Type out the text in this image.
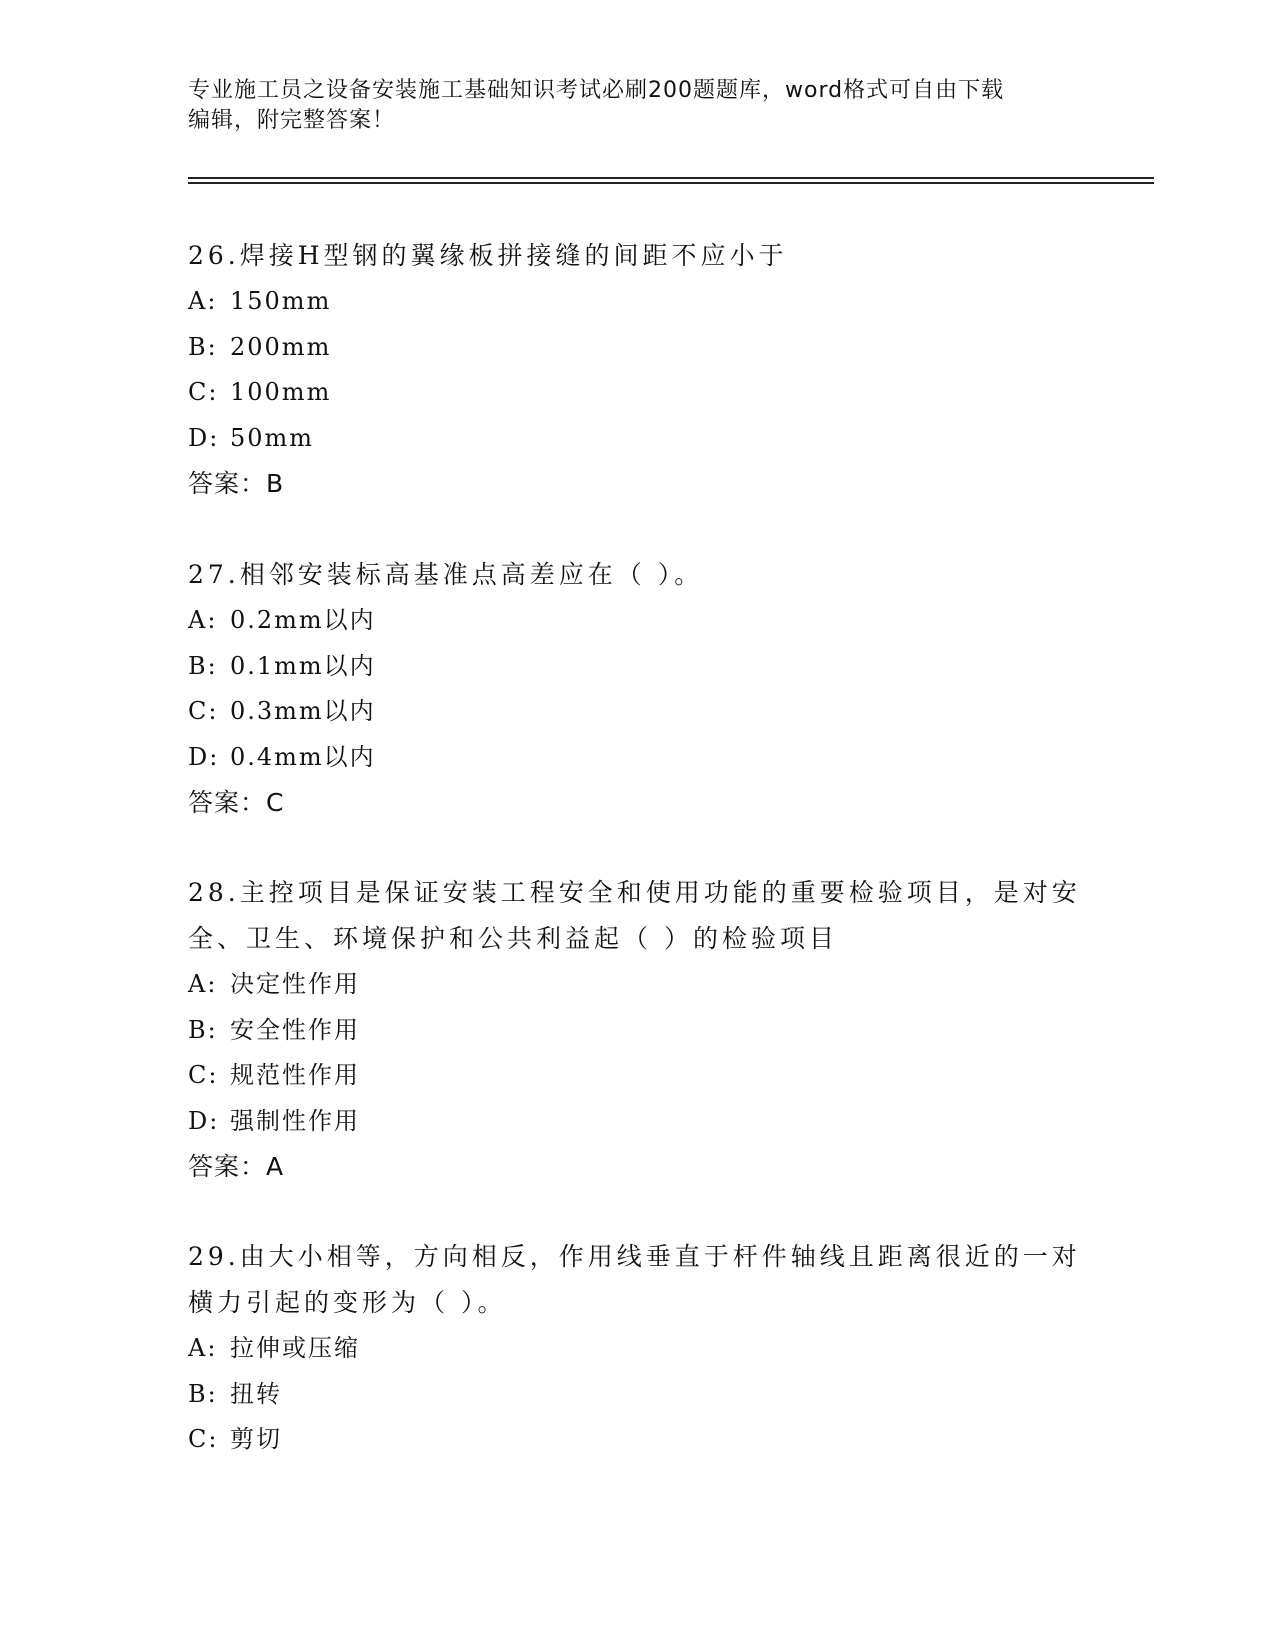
专业施工员之设备安装施工基础知识考试必刷200题题库，word格式可自由下载
编辑，附完整答案！
26.焊接H型钢的翼缘板拼接缝的间距不应小于
A: 150mm
B: 200mm
C: 100mm
D: 50mm
答案：B
27.相邻安装标高基准点高差应在（ ）。
A: 0.2mm以内
B: 0.1mm以内
C: 0.3mm以内
D: 0.4mm以内
答案：C
28.主控项目是保证安装工程安全和使用功能的重要检验项目，是对安
全、卫生、环境保护和公共利益起（ ）的检验项目
A: 决定性作用
B: 安全性作用
C: 规范性作用
D: 强制性作用
答案：A
29.由大小相等，方向相反，作用线垂直于杆件轴线且距离很近的一对
横力引起的变形为（ ）。
A: 拉伸或压缩
B: 扭转
C: 剪切
